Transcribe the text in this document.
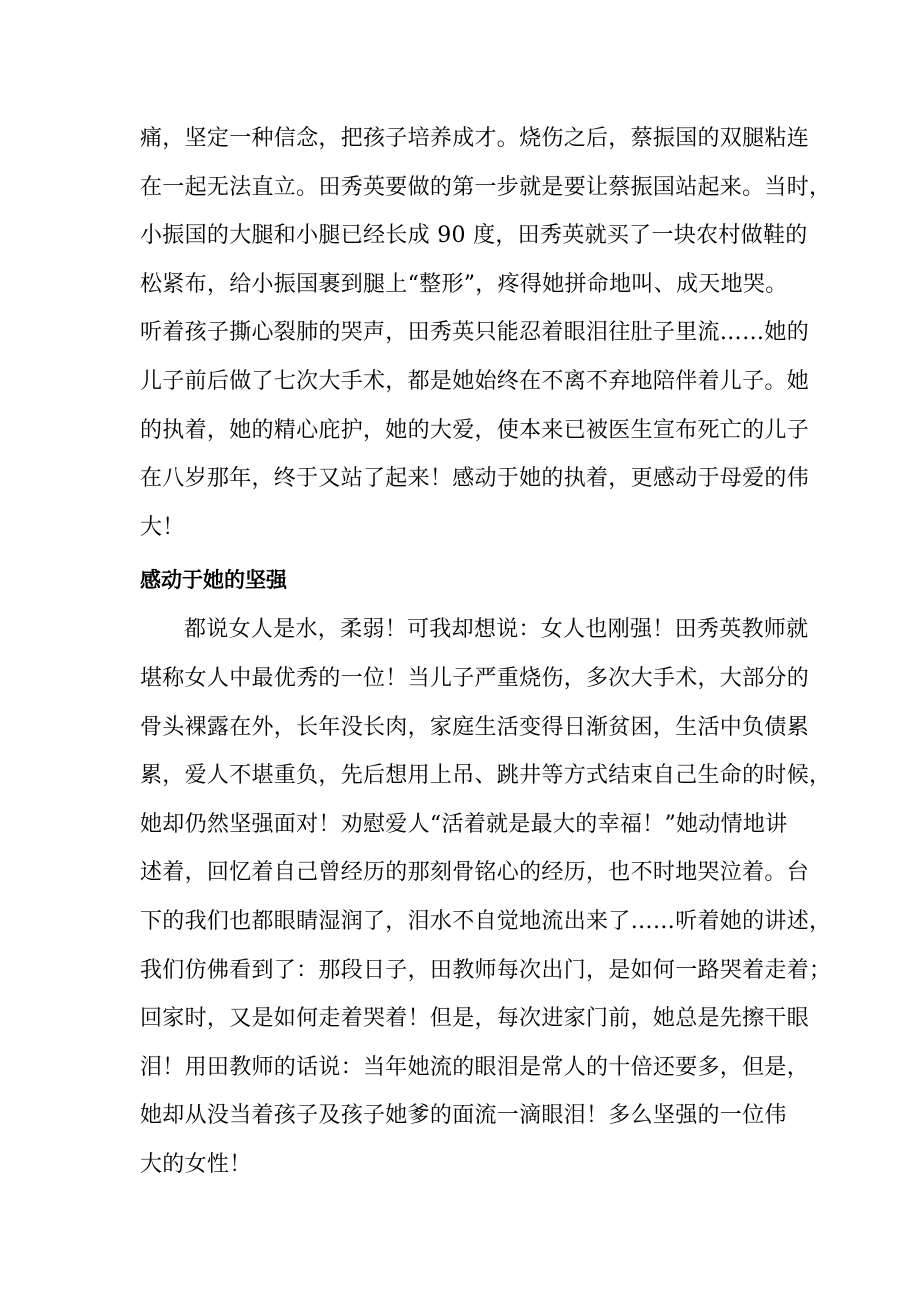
痛，坚定一种信念，把孩子培养成才。烧伤之后，蔡振国的双腿粘连
在一起无法直立。田秀英要做的第一步就是要让蔡振国站起来。当时，
小振国的大腿和小腿已经长成 90 度，田秀英就买了一块农村做鞋的
松紧布，给小振国裹到腿上“整形”，疼得她拼命地叫、成天地哭。
听着孩子撕心裂肺的哭声，田秀英只能忍着眼泪往肚子里流……她的
儿子前后做了七次大手术，都是她始终在不离不弃地陪伴着儿子。她
的执着，她的精心庇护，她的大爱，使本来已被医生宣布死亡的儿子
在八岁那年，终于又站了起来！感动于她的执着，更感动于母爱的伟
大！
感动于她的坚强
都说女人是水，柔弱！可我却想说：女人也刚强！田秀英教师就
堪称女人中最优秀的一位！当儿子严重烧伤，多次大手术，大部分的
骨头裸露在外，长年没长肉，家庭生活变得日渐贫困，生活中负债累
累，爱人不堪重负，先后想用上吊、跳井等方式结束自己生命的时候，
她却仍然坚强面对！劝慰爱人“活着就是最大的幸福！”她动情地讲
述着，回忆着自己曾经历的那刻骨铭心的经历，也不时地哭泣着。台
下的我们也都眼睛湿润了，泪水不自觉地流出来了……听着她的讲述，
我们仿佛看到了：那段日子，田教师每次出门，是如何一路哭着走着；
回家时，又是如何走着哭着！但是，每次进家门前，她总是先擦干眼
泪！用田教师的话说：当年她流的眼泪是常人的十倍还要多，但是，
她却从没当着孩子及孩子她爹的面流一滴眼泪！多么坚强的一位伟
大的女性！
